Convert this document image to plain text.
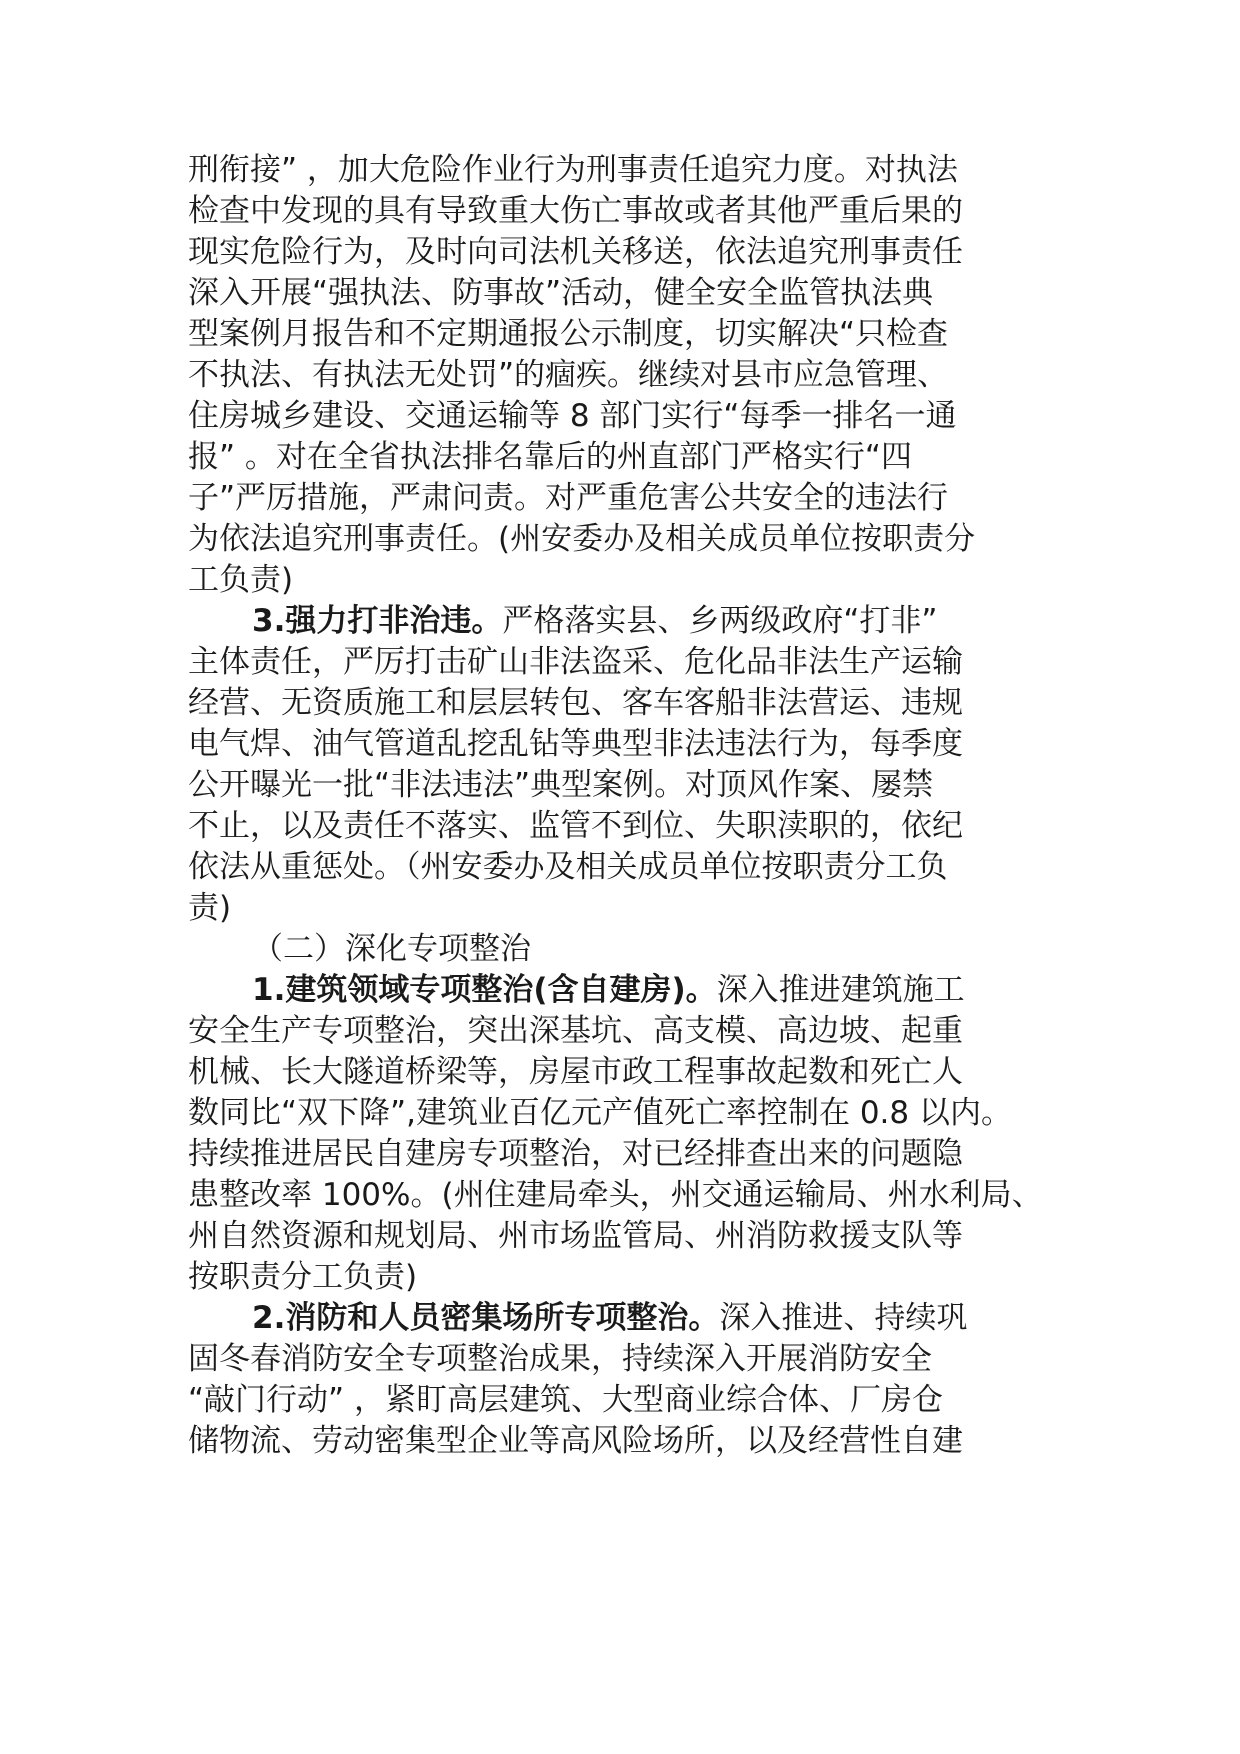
刑衔接” ，加大危险作业行为刑事责任追究力度。对执法
检查中发现的具有导致重大伤亡事故或者其他严重后果的
现实危险行为，及时向司法机关移送，依法追究刑事责任
深入开展“强执法、防事故”活动，健全安全监管执法典
型案例月报告和不定期通报公示制度，切实解决“只检查
不执法、有执法无处罚”的痼疾。继续对县市应急管理、
住房城乡建设、交通运输等 8 部门实行“每季一排名一通
报” 。对在全省执法排名靠后的州直部门严格实行“四
子”严厉措施，严肃问责。对严重危害公共安全的违法行
为依法追究刑事责任。(州安委办及相关成员单位按职责分
工负责)
3.强力打非治违。严格落实县、乡两级政府“打非”
主体责任，严厉打击矿山非法盗采、危化品非法生产运输
经营、无资质施工和层层转包、客车客船非法营运、违规
电气焊、油气管道乱挖乱钻等典型非法违法行为，每季度
公开曝光一批“非法违法”典型案例。对顶风作案、屡禁
不止，以及责任不落实、监管不到位、失职渎职的，依纪
依法从重惩处。（州安委办及相关成员单位按职责分工负
责)
（二）深化专项整治
1.建筑领域专项整治(含自建房)。深入推进建筑施工
安全生产专项整治，突出深基坑、高支模、高边坡、起重
机械、长大隧道桥梁等，房屋市政工程事故起数和死亡人
数同比“双下降”,建筑业百亿元产值死亡率控制在 0.8 以内。
持续推进居民自建房专项整治，对已经排查出来的问题隐
患整改率 100%。(州住建局牵头，州交通运输局、州水利局、
州自然资源和规划局、州市场监管局、州消防救援支队等
按职责分工负责)
2.消防和人员密集场所专项整治。深入推进、持续巩
固冬春消防安全专项整治成果，持续深入开展消防安全
“敲门行动” ，紧盯高层建筑、大型商业综合体、厂房仓
储物流、劳动密集型企业等高风险场所，以及经营性自建
